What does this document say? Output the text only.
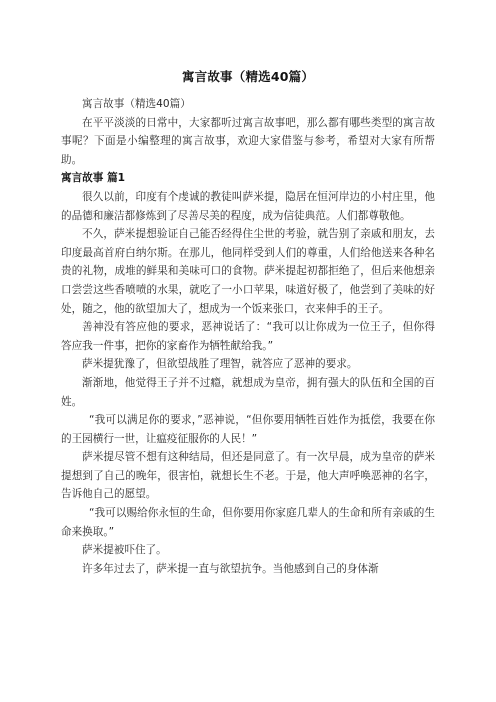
寓言故事（精选40篇）

寓言故事（精选40篇）

在平平淡淡的日常中，大家都听过寓言故事吧，那么都有哪些类型的寓言故事呢？下面是小编整理的寓言故事，欢迎大家借鉴与参考，希望对大家有所帮助。

寓言故事 篇1

很久以前，印度有个虔诚的教徒叫萨米提，隐居在恒河岸边的小村庄里，他的品德和廉洁都修炼到了尽善尽美的程度，成为信徒典范。人们都尊敬他。

不久，萨米提想验证自己能否经得住尘世的考验，就告别了亲戚和朋友，去印度最高首府白纳尔斯。在那儿，他同样受到人们的尊重，人们给他送来各种名贵的礼物，成堆的鲜果和美味可口的食物。萨米提起初都拒绝了，但后来他想亲口尝尝这些香喷喷的水果，就吃了一小口苹果，味道好极了，他尝到了美味的好处，随之，他的欲望加大了，想成为一个饭来张口，衣来伸手的王子。

善神没有答应他的要求，恶神说话了：“我可以让你成为一位王子，但你得答应我一件事，把你的家畜作为牺牲献给我。”

萨米提犹豫了，但欲望战胜了理智，就答应了恶神的要求。

渐渐地，他觉得王子并不过瘾，就想成为皇帝，拥有强大的队伍和全国的百姓。

“我可以满足你的要求，”恶神说，“但你要用牺牲百姓作为抵偿，我要在你的王园横行一世，让瘟疫征服你的人民！”

萨米提尽管不想有这种结局，但还是同意了。有一次早晨，成为皇帝的萨米提想到了自己的晚年，很害怕，就想长生不老。于是，他大声呼唤恶神的名字，告诉他自己的愿望。

“我可以赐给你永恒的生命，但你要用你家庭几辈人的生命和所有亲戚的生命来换取。”

萨米提被吓住了。

许多年过去了，萨米提一直与欲望抗争。当他感到自己的身体渐
